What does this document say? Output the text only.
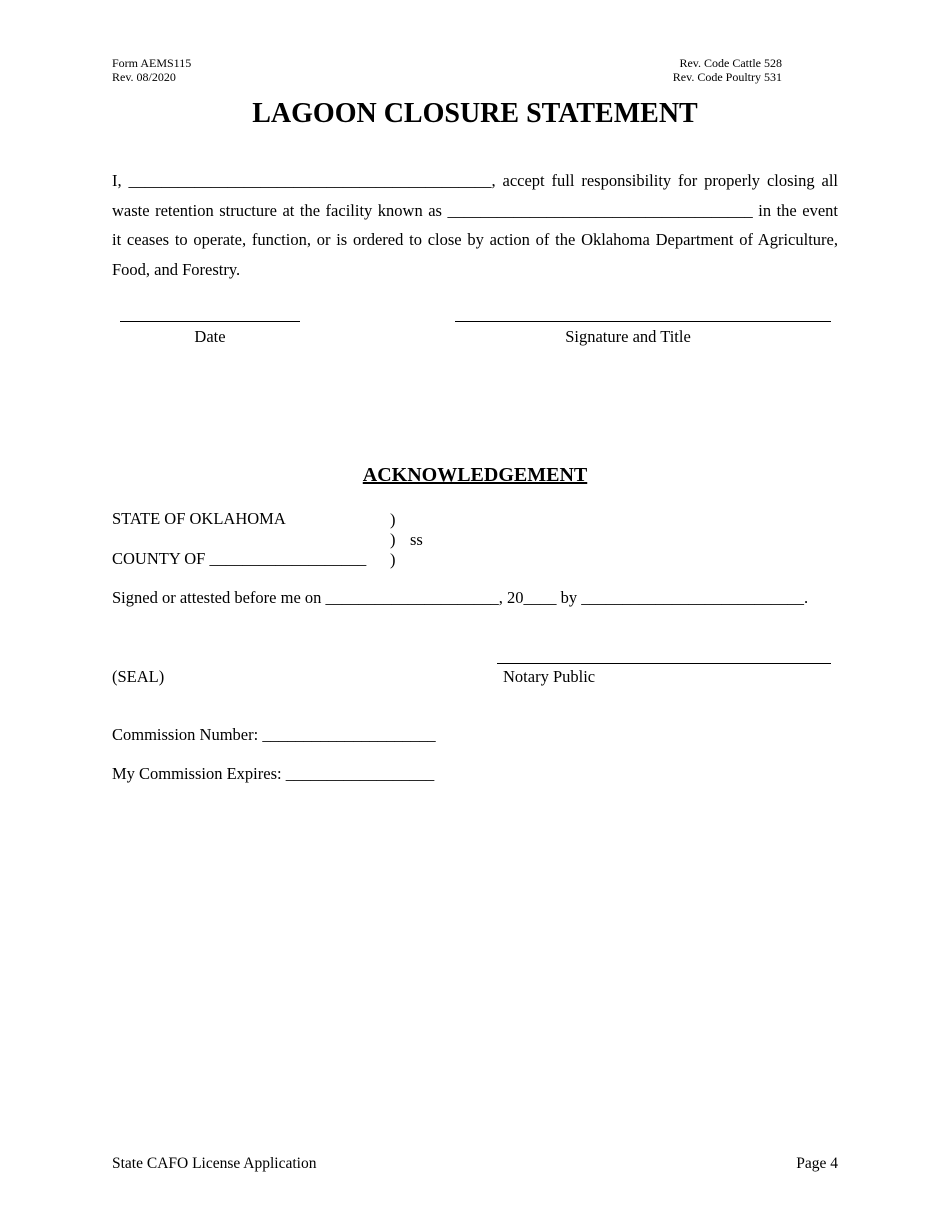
Form AEMS115
Rev. 08/2020
Rev. Code Cattle 528
Rev. Code Poultry 531
LAGOON CLOSURE STATEMENT
I, ____________________________________________, accept full responsibility for properly closing all
waste retention structure at the facility known as _____________________________________ in the event
it ceases to operate, function, or is ordered to close by action of the Oklahoma Department of Agriculture,
Food, and Forestry.
Date	Signature and Title
ACKNOWLEDGEMENT
STATE OF OKLAHOMA	)
) ss
COUNTY OF ___________________ )
Signed or attested before me on _____________________, 20____ by ___________________________.
(SEAL)	Notary Public
Commission Number: _____________________
My Commission Expires: __________________
State CAFO License Application	Page 4
